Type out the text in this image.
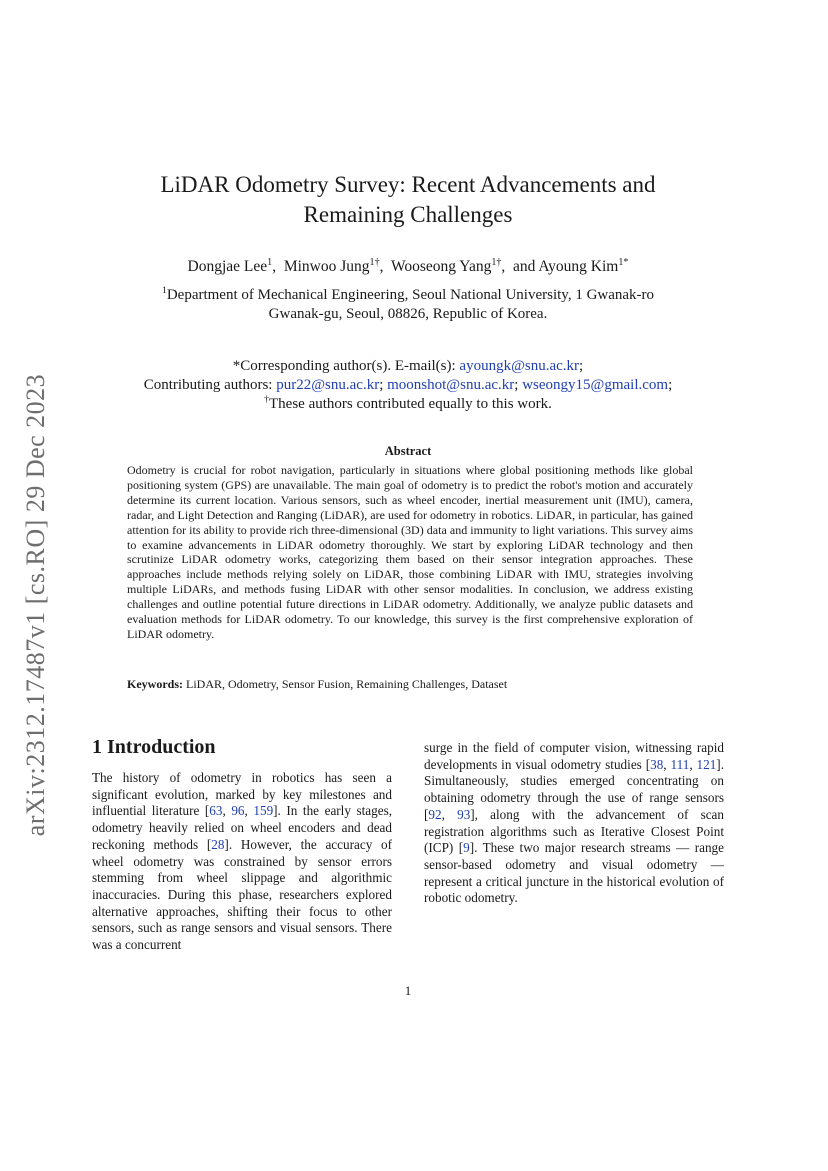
arXiv:2312.17487v1 [cs.RO] 29 Dec 2023
LiDAR Odometry Survey: Recent Advancements and
Remaining Challenges
Dongjae Lee$^1$,  Minwoo Jung$^{1\dagger}$,  Wooseong Yang$^{1\dagger}$,  and Ayoung Kim$^{1*}$
$^1$Department of Mechanical Engineering, Seoul National University, 1 Gwanak-ro
Gwanak-gu, Seoul, 08826, Republic of Korea.
*Corresponding author(s). E-mail(s): ayoungk@snu.ac.kr;
Contributing authors: pur22@snu.ac.kr; moonshot@snu.ac.kr; wseongy15@gmail.com;
†These authors contributed equally to this work.
Abstract
Odometry is crucial for robot navigation, particularly in situations where global positioning methods like global positioning system (GPS) are unavailable. The main goal of odometry is to predict the robot's motion and accurately determine its current location. Various sensors, such as wheel encoder, inertial measurement unit (IMU), camera, radar, and Light Detection and Ranging (LiDAR), are used for odometry in robotics. LiDAR, in particular, has gained attention for its ability to provide rich three-dimensional (3D) data and immunity to light variations. This survey aims to examine advancements in LiDAR odometry thoroughly. We start by exploring LiDAR technology and then scrutinize LiDAR odometry works, categorizing them based on their sensor integration approaches. These approaches include methods relying solely on LiDAR, those combining LiDAR with IMU, strategies involving multiple LiDARs, and methods fusing LiDAR with other sensor modalities. In conclusion, we address existing challenges and outline potential future directions in LiDAR odometry. Additionally, we analyze public datasets and evaluation methods for LiDAR odometry. To our knowledge, this survey is the first comprehensive exploration of LiDAR odometry.
Keywords: LiDAR, Odometry, Sensor Fusion, Remaining Challenges, Dataset
1 Introduction
The history of odometry in robotics has seen a significant evolution, marked by key milestones and influential literature [63, 96, 159]. In the early stages, odometry heavily relied on wheel encoders and dead reckoning methods [28]. However, the accuracy of wheel odometry was constrained by sensor errors stemming from wheel slippage and algorithmic inaccuracies. During this phase, researchers explored alternative approaches, shifting their focus to other sensors, such as range sensors and visual sensors. There was a concurrent
surge in the field of computer vision, witnessing rapid developments in visual odometry studies [38, 111, 121]. Simultaneously, studies emerged concentrating on obtaining odometry through the use of range sensors [92, 93], along with the advancement of scan registration algorithms such as Iterative Closest Point (ICP) [9]. These two major research streams — range sensor-based odometry and visual odometry — represent a critical juncture in the historical evolution of robotic odometry.
1
